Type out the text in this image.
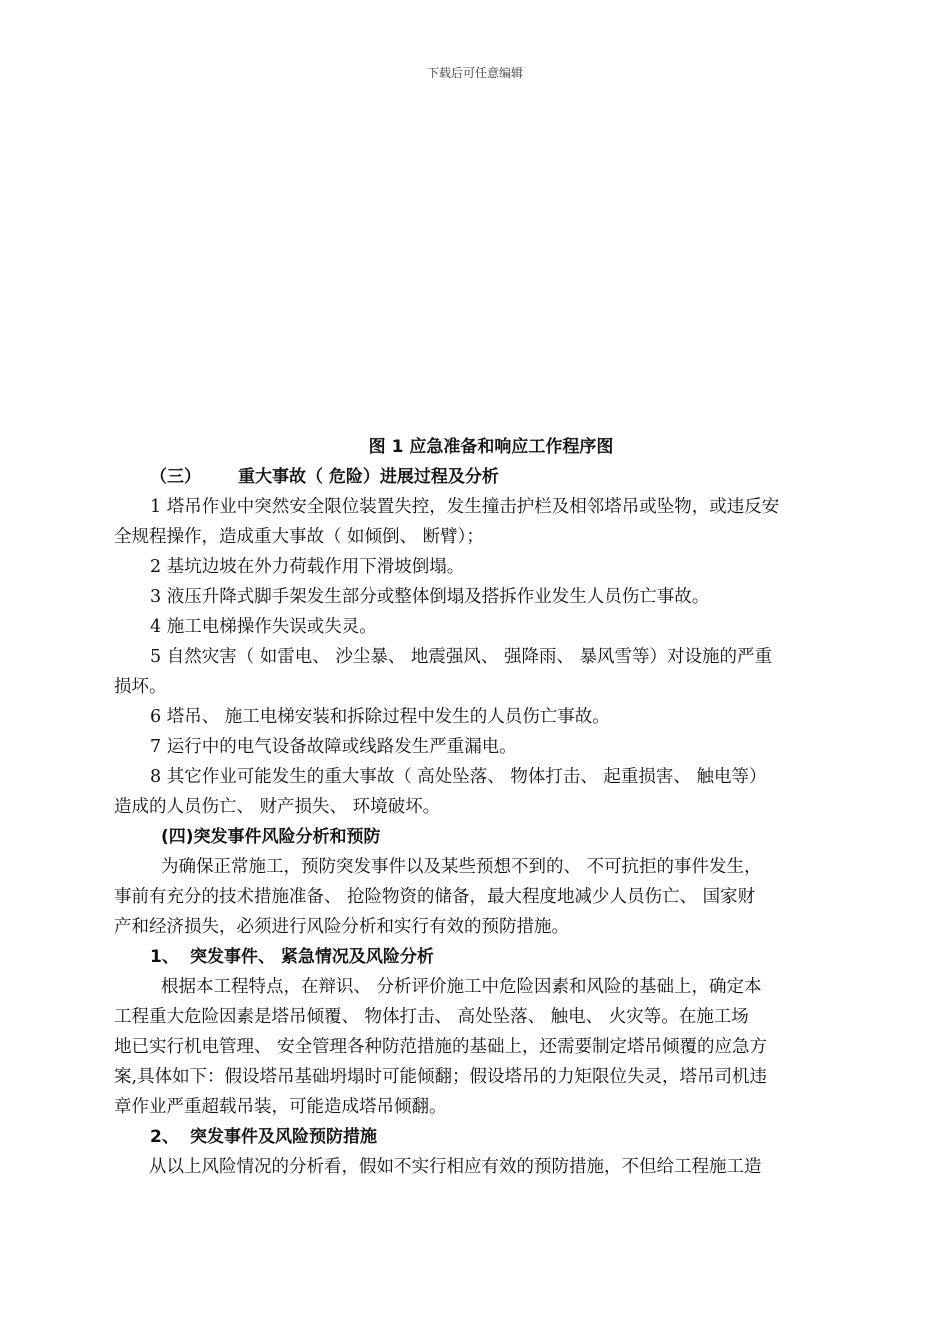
下载后可任意编辑
图 1 应急准备和响应工作程序图
（三） 重大事故（ 危险）进展过程及分析
1 塔吊作业中突然安全限位装置失控，发生撞击护栏及相邻塔吊或坠物，或违反安
全规程操作，造成重大事故（ 如倾倒、 断臂）；
2 基坑边坡在外力荷载作用下滑坡倒塌。
3 液压升降式脚手架发生部分或整体倒塌及搭拆作业发生人员伤亡事故。
4 施工电梯操作失误或失灵。
5 自然灾害（ 如雷电、 沙尘暴、 地震强风、 强降雨、 暴风雪等）对设施的严重
损坏。
6 塔吊、 施工电梯安装和拆除过程中发生的人员伤亡事故。
7 运行中的电气设备故障或线路发生严重漏电。
8 其它作业可能发生的重大事故（ 高处坠落、 物体打击、 起重损害、 触电等）
造成的人员伤亡、 财产损失、 环境破坏。
(四)突发事件风险分析和预防
为确保正常施工，预防突发事件以及某些预想不到的、 不可抗拒的事件发生，
事前有充分的技术措施准备、 抢险物资的储备，最大程度地减少人员伤亡、 国家财
产和经济损失，必须进行风险分析和实行有效的预防措施。
1、 突发事件、 紧急情况及风险分析
根据本工程特点，在辩识、 分析评价施工中危险因素和风险的基础上，确定本
工程重大危险因素是塔吊倾覆、 物体打击、 高处坠落、 触电、 火灾等。在施工场
地已实行机电管理、 安全管理各种防范措施的基础上，还需要制定塔吊倾覆的应急方
案,具体如下：假设塔吊基础坍塌时可能倾翻；假设塔吊的力矩限位失灵，塔吊司机违
章作业严重超载吊装，可能造成塔吊倾翻。
2、 突发事件及风险预防措施
从以上风险情况的分析看，假如不实行相应有效的预防措施，不但给工程施工造
